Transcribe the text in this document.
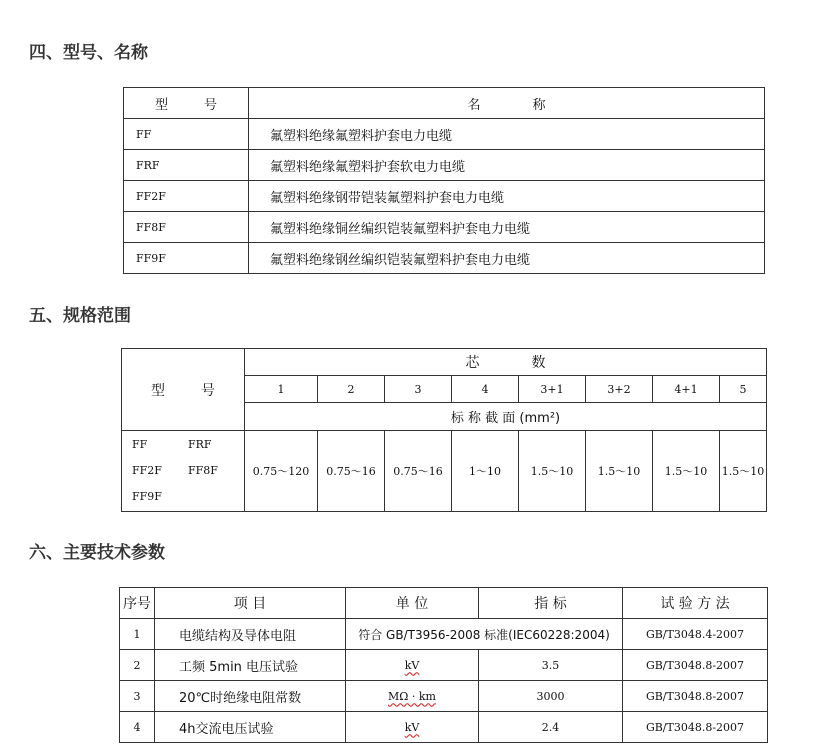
四、型号、名称
型 号	名 称
FF	氟塑料绝缘氟塑料护套电力电缆
FRF	氟塑料绝缘氟塑料护套软电力电缆
FF2F	氟塑料绝缘钢带铠装氟塑料护套电力电缆
FF8F	氟塑料绝缘铜丝编织铠装氟塑料护套电力电缆
FF9F	氟塑料绝缘钢丝编织铠装氟塑料护套电力电缆
五、规格范围
型 号	芯 数							
	1	2	3	4	3+1	3+2	4+1	5
	标 称 截 面 (mm²)							

FF FRF
FF2F FF8F
FF9F	0.75～120	0.75～16	0.75～16	1～10	1.5～10	1.5～10	1.5～10	1.5～10
六、主要技术参数
序号	项 目	单 位	指 标	试 验 方 法
1	电缆结构及导体电阻	符合 GB/T3956-2008 标准(IEC60228:2004)		GB/T3048.4-2007
2	工频 5min 电压试验	kV	3.5	GB/T3048.8-2007
3	20℃时绝缘电阻常数	MΩ · km	3000	GB/T3048.8-2007
4	4h交流电压试验	kV	2.4	GB/T3048.8-2007
